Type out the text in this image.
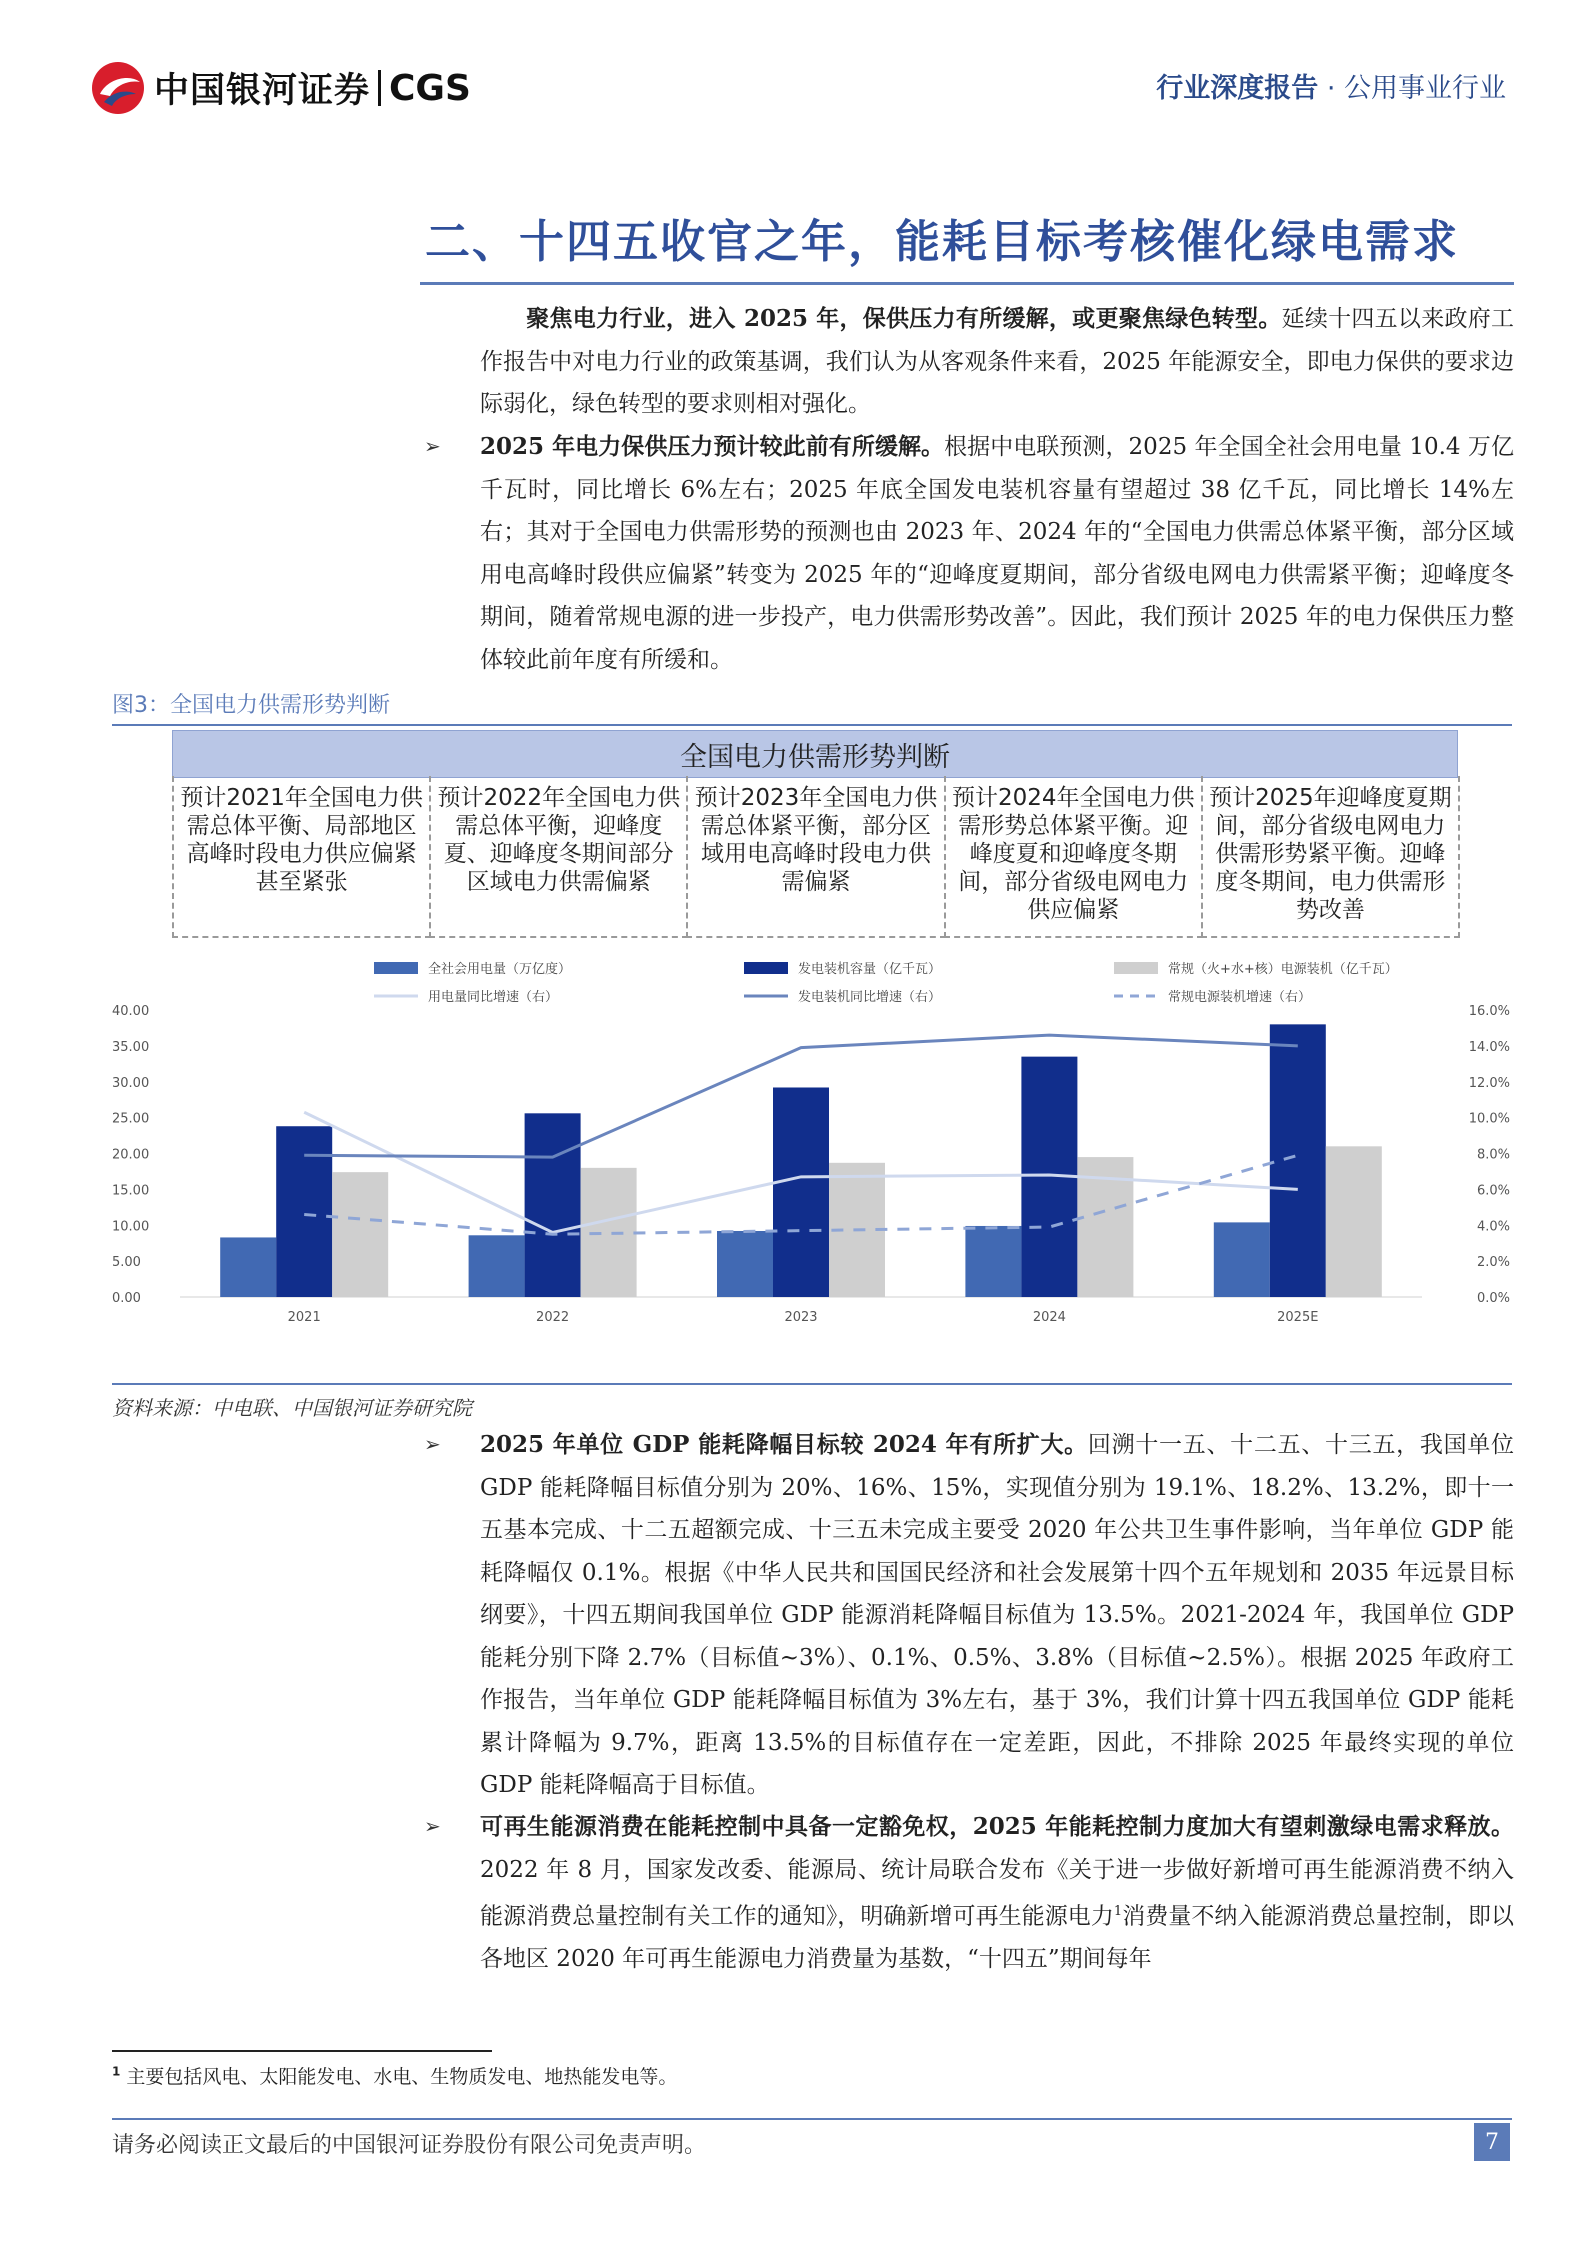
中国银河证券 CGS	行业深度报告 · 公用事业行业
二、十四五收官之年，能耗目标考核催化绿电需求
聚焦电力行业，进入 2025 年，保供压力有所缓解，或更聚焦绿色转型。延续十四五以来政府工作报告中对电力行业的政策基调，我们认为从客观条件来看，2025 年能源安全，即电力保供的要求边际弱化，绿色转型的要求则相对强化。
➢ 2025 年电力保供压力预计较此前有所缓解。根据中电联预测，2025 年全国全社会用电量 10.4 万亿千瓦时，同比增长 6%左右；2025 年底全国发电装机容量有望超过 38 亿千瓦，同比增长 14%左右；其对于全国电力供需形势的预测也由 2023 年、2024 年的“全国电力供需总体紧平衡，部分区域用电高峰时段供应偏紧”转变为 2025 年的“迎峰度夏期间，部分省级电网电力供需紧平衡；迎峰度冬期间，随着常规电源的进一步投产，电力供需形势改善”。因此，我们预计 2025 年的电力保供压力整体较此前年度有所缓和。
图3：全国电力供需形势判断
全国电力供需形势判断
预计2021年全国电力供需总体平衡、局部地区高峰时段电力供应偏紧甚至紧张
预计2022年全国电力供需总体平衡，迎峰度夏、迎峰度冬期间部分区域电力供需偏紧
预计2023年全国电力供需总体紧平衡，部分区域用电高峰时段电力供需偏紧
预计2024年全国电力供需形势总体紧平衡。迎峰度夏和迎峰度冬期间，部分省级电网电力供应偏紧
预计2025年迎峰度夏期间，部分省级电网电力供需形势紧平衡。迎峰度冬期间，电力供需形势改善
全社会用电量（万亿度）	发电装机容量（亿千瓦）	常规（火+水+核）电源装机（亿千瓦）
用电量同比增速（右）	发电装机同比增速（右）	常规电源装机增速（右）
0.00
5.00
10.00
15.00
20.00
25.00
30.00
35.00
40.00
0.0%
2.0%
4.0%
6.0%
8.0%
10.0%
12.0%
14.0%
16.0%
2021	2022	2023	2024	2025E
资料来源：中电联、中国银河证券研究院
➢ 2025 年单位 GDP 能耗降幅目标较 2024 年有所扩大。回溯十一五、十二五、十三五，我国单位 GDP 能耗降幅目标值分别为 20%、16%、15%，实现值分别为 19.1%、18.2%、13.2%，即十一五基本完成、十二五超额完成、十三五未完成主要受 2020 年公共卫生事件影响，当年单位 GDP 能耗降幅仅 0.1%。根据《中华人民共和国国民经济和社会发展第十四个五年规划和 2035 年远景目标纲要》，十四五期间我国单位 GDP 能源消耗降幅目标值为 13.5%。2021-2024 年，我国单位 GDP 能耗分别下降 2.7%（目标值~3%）、0.1%、0.5%、3.8%（目标值~2.5%）。根据 2025 年政府工作报告，当年单位 GDP 能耗降幅目标值为 3%左右，基于 3%，我们计算十四五我国单位 GDP 能耗累计降幅为 9.7%，距离 13.5%的目标值存在一定差距，因此，不排除 2025 年最终实现的单位 GDP 能耗降幅高于目标值。
➢ 可再生能源消费在能耗控制中具备一定豁免权，2025 年能耗控制力度加大有望刺激绿电需求释放。2022 年 8 月，国家发改委、能源局、统计局联合发布《关于进一步做好新增可再生能源消费不纳入能源消费总量控制有关工作的通知》，明确新增可再生能源电力$^1$消费量不纳入能源消费总量控制，即以各地区 2020 年可再生能源电力消费量为基数，“十四五”期间每年
$^1$ 主要包括风电、太阳能发电、水电、生物质发电、地热能发电等。
请务必阅读正文最后的中国银河证券股份有限公司免责声明。	7
